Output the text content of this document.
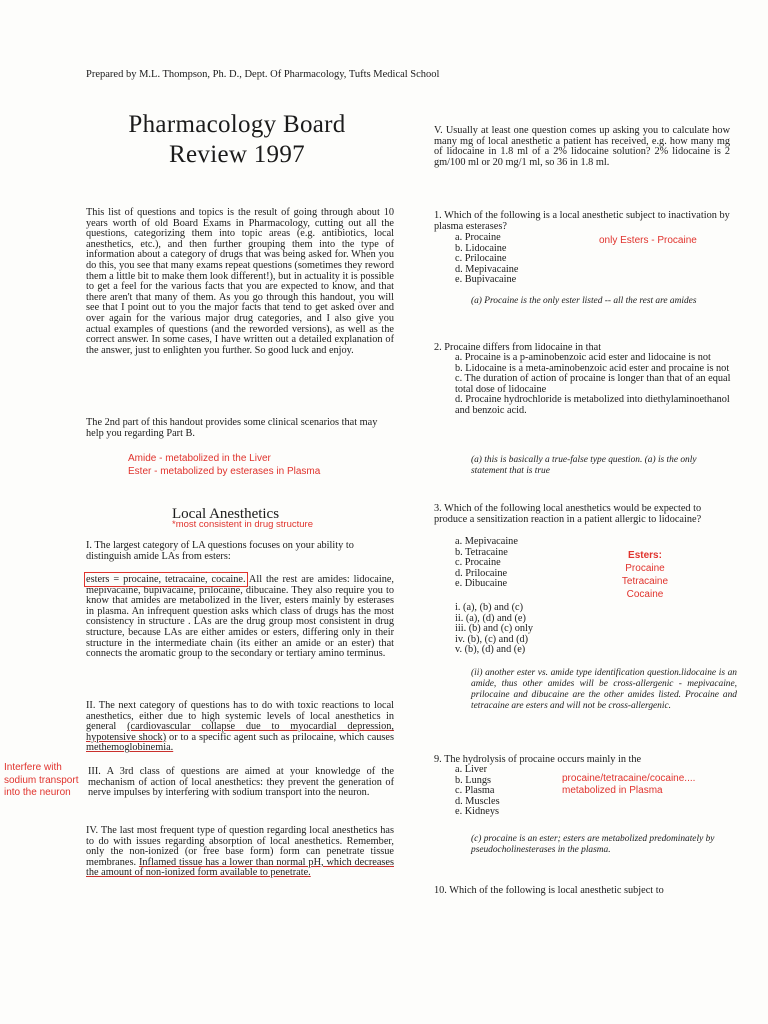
Prepared by M.L. Thompson, Ph. D., Dept. Of Pharmacology, Tufts Medical School
Pharmacology Board
Review 1997
This list of questions and topics is the result of going through about 10 years worth of old Board Exams in Pharmacology, cutting out all the questions, categorizing them into topic areas (e.g. antibiotics, local anesthetics, etc.), and then further grouping them into the type of information about a category of drugs that was being asked for. When you do this, you see that many exams repeat questions (sometimes they reword them a little bit to make them look different!), but in actuality it is possible to get a feel for the various facts that you are expected to know, and that there aren't that many of them. As you go through this handout, you will see that I point out to you the major facts that tend to get asked over and over again for the various major drug categories, and I also give you actual examples of questions (and the reworded versions), as well as the correct answer. In some cases, I have written out a detailed explanation of the answer, just to enlighten you further. So good luck and enjoy.
The 2nd part of this handout provides some clinical scenarios that may help you regarding Part B.
Amide - metabolized in the Liver
Ester - metabolized by esterases in Plasma
Local Anesthetics
*most consistent in drug structure
I. The largest category of LA questions focuses on your ability to distinguish amide LAs from esters:
esters = procaine, tetracaine, cocaine. All the rest are amides: lidocaine, mepivacaine, bupivacaine, prilocaine, dibucaine. They also require you to know that amides are metabolized in the liver, esters mainly by esterases in plasma. An infrequent question asks which class of drugs has the most consistency in structure . LAs are the drug group most consistent in drug structure, because LAs are either amides or esters, differing only in their structure in the intermediate chain (its either an amide or an ester) that connects the aromatic group to the secondary or tertiary amino terminus.
II. The next category of questions has to do with toxic reactions to local anesthetics, either due to high systemic levels of local anesthetics in general (cardiovascular collapse due to myocardial depression, hypotensive shock) or to a specific agent such as prilocaine, which causes methemoglobinemia.
Interfere with sodium transport into the neuron
III. A 3rd class of questions are aimed at your knowledge of the mechanism of action of local anesthetics: they prevent the generation of nerve impulses by interfering with sodium transport into the neuron.
IV. The last most frequent type of question regarding local anesthetics has to do with issues regarding absorption of local anesthetics. Remember, only the non-ionized (or free base form) form can penetrate tissue membranes. Inflamed tissue has a lower than normal pH, which decreases the amount of non-ionized form available to penetrate.
V. Usually at least one question comes up asking you to calculate how many mg of local anesthetic a patient has received, e.g. how many mg of lidocaine in 1.8 ml of a 2% lidocaine solution? 2% lidocaine is 2 gm/100 ml or 20 mg/1 ml, so 36 in 1.8 ml.
1. Which of the following is a local anesthetic subject to inactivation by plasma esterases?
a. Procaine
b. Lidocaine
c. Prilocaine
d. Mepivacaine
e. Bupivacaine
only Esters - Procaine
(a) Procaine is the only ester listed -- all the rest are amides
2. Procaine differs from lidocaine in that
a. Procaine is a p-aminobenzoic acid ester and lidocaine is not
b. Lidocaine is a meta-aminobenzoic acid ester and procaine is not
c. The duration of action of procaine is longer than that of an equal total dose of lidocaine
d. Procaine hydrochloride is metabolized into diethylaminoethanol and benzoic acid.
(a) this is basically a true-false type question. (a) is the only statement that is true
3. Which of the following local anesthetics would be expected to produce a sensitization reaction in a patient allergic to lidocaine?
a. Mepivacaine
b. Tetracaine
c. Procaine
d. Prilocaine
e. Dibucaine
Esters:
Procaine
Tetracaine
Cocaine
i. (a), (b) and (c)
ii. (a), (d) and (e)
iii. (b) and (c) only
iv. (b), (c) and (d)
v. (b), (d) and (e)
(ii) another ester vs. amide type identification question.lidocaine is an amide, thus other amides will be cross-allergenic - mepivacaine, prilocaine and dibucaine are the other amides listed. Procaine and tetracaine are esters and will not be cross-allergenic.
9. The hydrolysis of procaine occurs mainly in the
a. Liver
b. Lungs
c. Plasma
d. Muscles
e. Kidneys
procaine/tetracaine/cocaine.... metabolized in Plasma
(c) procaine is an ester; esters are metabolized predominately by pseudocholinesterases in the plasma.
10. Which of the following is local anesthetic subject to
